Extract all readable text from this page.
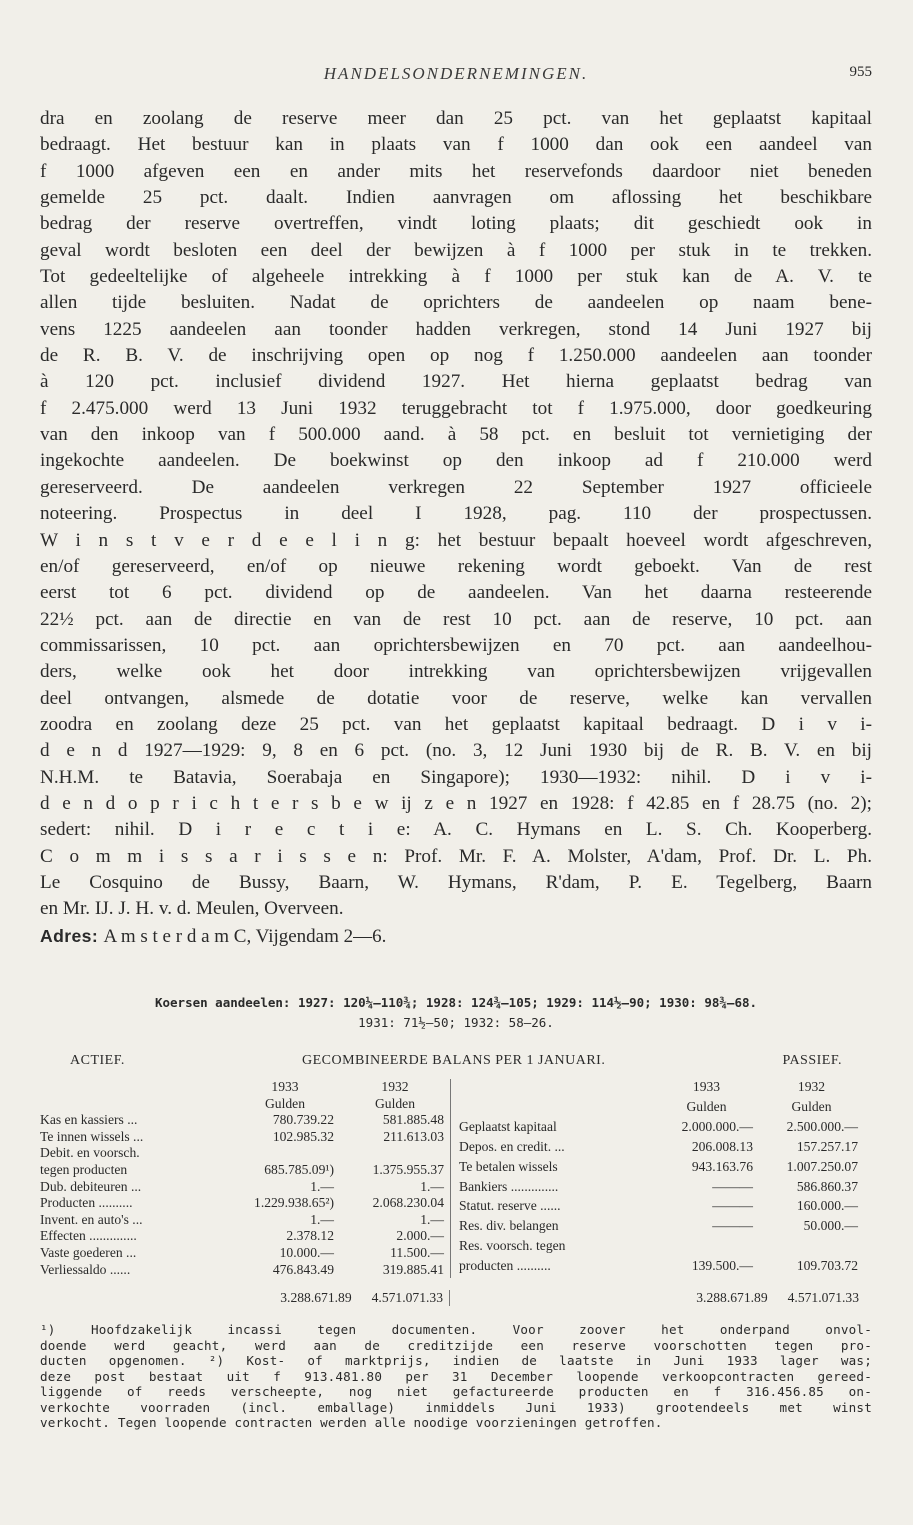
HANDELSONDERNEMINGEN.	955
dra en zoolang de reserve meer dan 25 pct. van het geplaatst kapitaal
bedraagt. Het bestuur kan in plaats van f 1000 dan ook een aandeel van
f 1000 afgeven een en ander mits het reservefonds daardoor niet beneden
gemelde 25 pct. daalt. Indien aanvragen om aflossing het beschikbare
bedrag der reserve overtreffen, vindt loting plaats; dit geschiedt ook in
geval wordt besloten een deel der bewijzen à f 1000 per stuk in te trekken.
Tot gedeeltelijke of algeheele intrekking à f 1000 per stuk kan de A. V. te
allen tijde besluiten. Nadat de oprichters de aandeelen op naam bene-
vens 1225 aandeelen aan toonder hadden verkregen, stond 14 Juni 1927 bij
de R. B. V. de inschrijving open op nog f 1.250.000 aandeelen aan toonder
à 120 pct. inclusief dividend 1927. Het hierna geplaatst bedrag van
f 2.475.000 werd 13 Juni 1932 teruggebracht tot f 1.975.000, door goedkeuring
van den inkoop van f 500.000 aand. à 58 pct. en besluit tot vernietiging der
ingekochte aandeelen. De boekwinst op den inkoop ad f 210.000 werd
gereserveerd. De aandeelen verkregen 22 September 1927 officieele
noteering. Prospectus in deel I 1928, pag. 110 der prospectussen.
W i n s t v e r d e e l i n g: het bestuur bepaalt hoeveel wordt afgeschreven,
en/of gereserveerd, en/of op nieuwe rekening wordt geboekt. Van de rest
eerst tot 6 pct. dividend op de aandeelen. Van het daarna resteerende
22½ pct. aan de directie en van de rest 10 pct. aan de reserve, 10 pct. aan
commissarissen, 10 pct. aan oprichtersbewijzen en 70 pct. aan aandeelhou-
ders, welke ook het door intrekking van oprichtersbewijzen vrijgevallen
deel ontvangen, alsmede de dotatie voor de reserve, welke kan vervallen
zoodra en zoolang deze 25 pct. van het geplaatst kapitaal bedraagt. D i v i-
d e n d 1927—1929: 9, 8 en 6 pct. (no. 3, 12 Juni 1930 bij de R. B. V. en bij
N.H.M. te Batavia, Soerabaja en Singapore); 1930—1932: nihil. D i v i-
d e n d o p r i c h t e r s b e w ij z e n 1927 en 1928: f 42.85 en f 28.75 (no. 2);
sedert: nihil. D i r e c t i e: A. C. Hymans en L. S. Ch. Kooperberg.
C o m m i s s a r i s s e n: Prof. Mr. F. A. Molster, A'dam, Prof. Dr. L. Ph.
Le Cosquino de Bussy, Baarn, W. Hymans, R'dam, P. E. Tegelberg, Baarn
en Mr. IJ. J. H. v. d. Meulen, Overveen.
Adres: A m s t e r d a m C, Vijgendam 2—6.
Koersen aandeelen: 1927: 120¼—110¾; 1928: 124¾—105; 1929: 114½—90; 1930: 98¾—68.
1931: 71½—50; 1932: 58—26.
ACTIEF.	GECOMBINEERDE BALANS PER 1 JANUARI.	PASSIEF.
1933	1932
Gulden	Gulden
Kas en kassiers ...	780.739.22	581.885.48
Te innen wissels ...	102.985.32	211.613.03
Debit. en voorsch.
tegen producten	685.785.09¹)	1.375.955.37
Dub. debiteuren ...	1.—	1.—
Producten ..........	1.229.938.65²)	2.068.230.04
Invent. en auto's ...	1.—	1.—
Effecten ..............	2.378.12	2.000.—
Vaste goederen ...	10.000.—	11.500.—
Verliessaldo ......	476.843.49	319.885.41
1933	1932
Gulden	Gulden
Geplaatst kapitaal	2.000.000.—	2.500.000.—
Depos. en credit. ...	206.008.13	157.257.17
Te betalen wissels	943.163.76	1.007.250.07
Bankiers ..............	———	586.860.37
Statut. reserve ......	———	160.000.—
Res. div. belangen	———	50.000.—
Res. voorsch. tegen
producten ..........	139.500.—	109.703.72
3.288.671.89 4.571.071.33	3.288.671.89 4.571.071.33
¹) Hoofdzakelijk incassi tegen documenten. Voor zoover het onderpand onvol-
doende werd geacht, werd aan de creditzijde een reserve voorschotten tegen pro-
ducten opgenomen. ²) Kost- of marktprijs, indien de laatste in Juni 1933 lager was;
deze post bestaat uit f 913.481.80 per 31 December loopende verkoopcontracten gereed-
liggende of reeds verscheepte, nog niet gefactureerde producten en f 316.456.85 on-
verkochte voorraden (incl. emballage) inmiddels Juni 1933) grootendeels met winst
verkocht. Tegen loopende contracten werden alle noodige voorzieningen getroffen.
